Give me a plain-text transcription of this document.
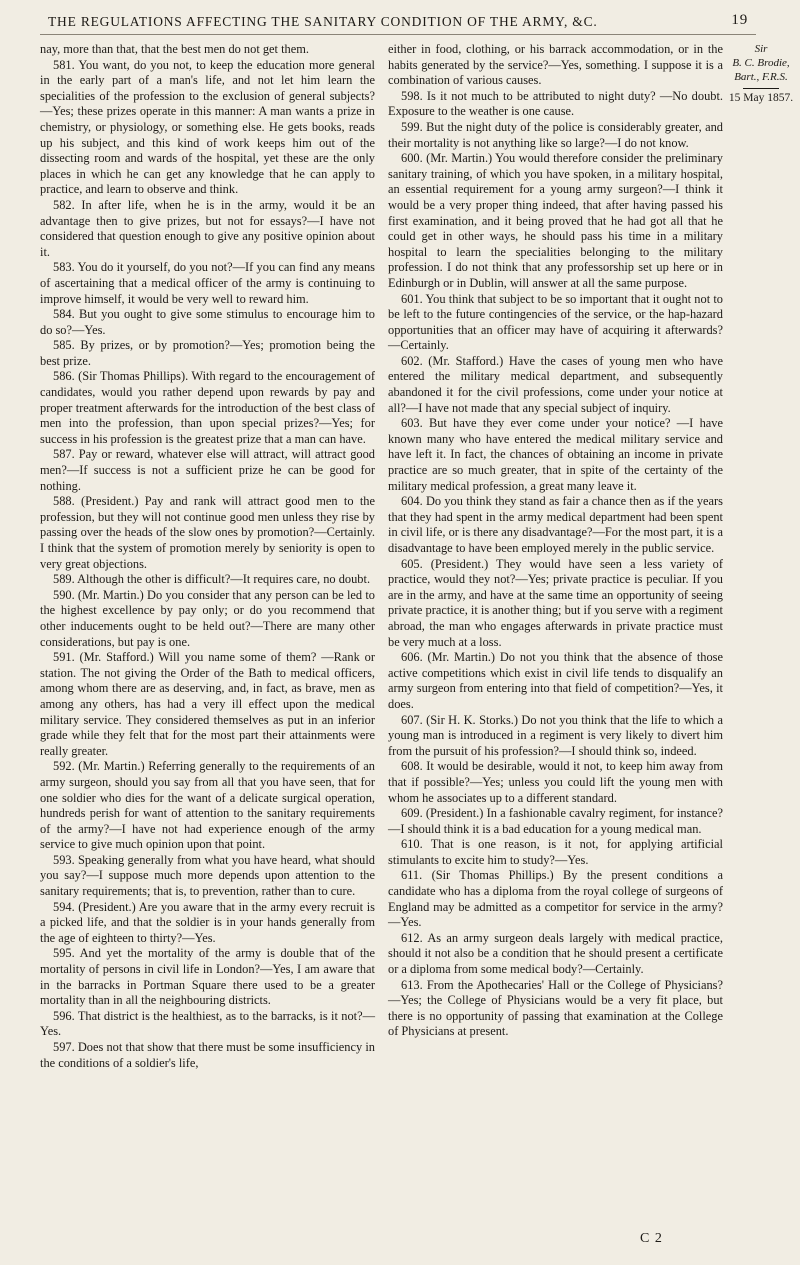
THE REGULATIONS AFFECTING THE SANITARY CONDITION OF THE ARMY, &C.	19

nay, more than that, that the best men do not get them.

581. You want, do you not, to keep the education more general in the early part of a man's life, and not let him learn the specialities of the profession to the exclusion of general subjects?—Yes; these prizes operate in this manner: A man wants a prize in chemistry, or physiology, or something else. He gets books, reads up his subject, and this kind of work keeps him out of the dissecting room and wards of the hospital, yet these are the only places in which he can get any knowledge that he can apply to practice, and learn to observe and think.

582. In after life, when he is in the army, would it be an advantage then to give prizes, but not for essays?—I have not considered that question enough to give any positive opinion about it.

583. You do it yourself, do you not?—If you can find any means of ascertaining that a medical officer of the army is continuing to improve himself, it would be very well to reward him.

584. But you ought to give some stimulus to encourage him to do so?—Yes.

585. By prizes, or by promotion?—Yes; promotion being the best prize.

586. (Sir Thomas Phillips). With regard to the encouragement of candidates, would you rather depend upon rewards by pay and proper treatment afterwards for the introduction of the best class of men into the profession, than upon special prizes?—Yes; for success in his profession is the greatest prize that a man can have.

587. Pay or reward, whatever else will attract, will attract good men?—If success is not a sufficient prize he can be good for nothing.

588. (President.) Pay and rank will attract good men to the profession, but they will not continue good men unless they rise by passing over the heads of the slow ones by promotion?—Certainly. I think that the system of promotion merely by seniority is open to very great objections.

589. Although the other is difficult?—It requires care, no doubt.

590. (Mr. Martin.) Do you consider that any person can be led to the highest excellence by pay only; or do you recommend that other inducements ought to be held out?—There are many other considerations, but pay is one.

591. (Mr. Stafford.) Will you name some of them? —Rank or station. The not giving the Order of the Bath to medical officers, among whom there are as deserving, and, in fact, as brave, men as among any others, has had a very ill effect upon the medical military service. They considered themselves as put in an inferior grade while they felt that for the most part their attainments were really greater.

592. (Mr. Martin.) Referring generally to the requirements of an army surgeon, should you say from all that you have seen, that for one soldier who dies for the want of a delicate surgical operation, hundreds perish for want of attention to the sanitary requirements of the army?—I have not had experience enough of the army service to give much opinion upon that point.

593. Speaking generally from what you have heard, what should you say?—I suppose much more depends upon attention to the sanitary requirements; that is, to prevention, rather than to cure.

594. (President.) Are you aware that in the army every recruit is a picked life, and that the soldier is in your hands generally from the age of eighteen to thirty?—Yes.

595. And yet the mortality of the army is double that of the mortality of persons in civil life in London?—Yes, I am aware that in the barracks in Portman Square there used to be a greater mortality than in all the neighbouring districts.

596. That district is the healthiest, as to the barracks, is it not?—Yes.

597. Does not that show that there must be some insufficiency in the conditions of a soldier's life,

either in food, clothing, or his barrack accommodation, or in the habits generated by the service?—Yes, something. I suppose it is a combination of various causes.

598. Is it not much to be attributed to night duty? —No doubt. Exposure to the weather is one cause.

599. But the night duty of the police is considerably greater, and their mortality is not anything like so large?—I do not know.

600. (Mr. Martin.) You would therefore consider the preliminary sanitary training, of which you have spoken, in a military hospital, an essential requirement for a young army surgeon?—I think it would be a very proper thing indeed, that after having passed his first examination, and it being proved that he had got all that he could get in other ways, he should pass his time in a military hospital to learn the specialities belonging to the military profession. I do not think that any professorship set up here or in Edinburgh or in Dublin, will answer at all the same purpose.

601. You think that subject to be so important that it ought not to be left to the future contingencies of the service, or the hap-hazard opportunities that an officer may have of acquiring it afterwards?—Certainly.

602. (Mr. Stafford.) Have the cases of young men who have entered the military medical department, and subsequently abandoned it for the civil professions, come under your notice at all?—I have not made that any special subject of inquiry.

603. But have they ever come under your notice? —I have known many who have entered the medical military service and have left it. In fact, the chances of obtaining an income in private practice are so much greater, that in spite of the certainty of the military medical profession, a great many leave it.

604. Do you think they stand as fair a chance then as if the years that they had spent in the army medical department had been spent in civil life, or is there any disadvantage?—For the most part, it is a disadvantage to have been employed merely in the public service.

605. (President.) They would have seen a less variety of practice, would they not?—Yes; private practice is peculiar. If you are in the army, and have at the same time an opportunity of seeing private practice, it is another thing; but if you serve with a regiment abroad, the man who engages afterwards in private practice must be very much at a loss.

606. (Mr. Martin.) Do not you think that the absence of those active competitions which exist in civil life tends to disqualify an army surgeon from entering into that field of competition?—Yes, it does.

607. (Sir H. K. Storks.) Do not you think that the life to which a young man is introduced in a regiment is very likely to divert him from the pursuit of his profession?—I should think so, indeed.

608. It would be desirable, would it not, to keep him away from that if possible?—Yes; unless you could lift the young men with whom he associates up to a different standard.

609. (President.) In a fashionable cavalry regiment, for instance?—I should think it is a bad education for a young medical man.

610. That is one reason, is it not, for applying artificial stimulants to excite him to study?—Yes.

611. (Sir Thomas Phillips.) By the present conditions a candidate who has a diploma from the royal college of surgeons of England may be admitted as a competitor for service in the army?—Yes.

612. As an army surgeon deals largely with medical practice, should it not also be a condition that he should present a certificate or a diploma from some medical body?—Certainly.

613. From the Apothecaries' Hall or the College of Physicians?—Yes; the College of Physicians would be a very fit place, but there is no opportunity of passing that examination at the College of Physicians at present.

Sir
B. C. Brodie,
Bart., F.R.S.
15 May 1857.
C 2
